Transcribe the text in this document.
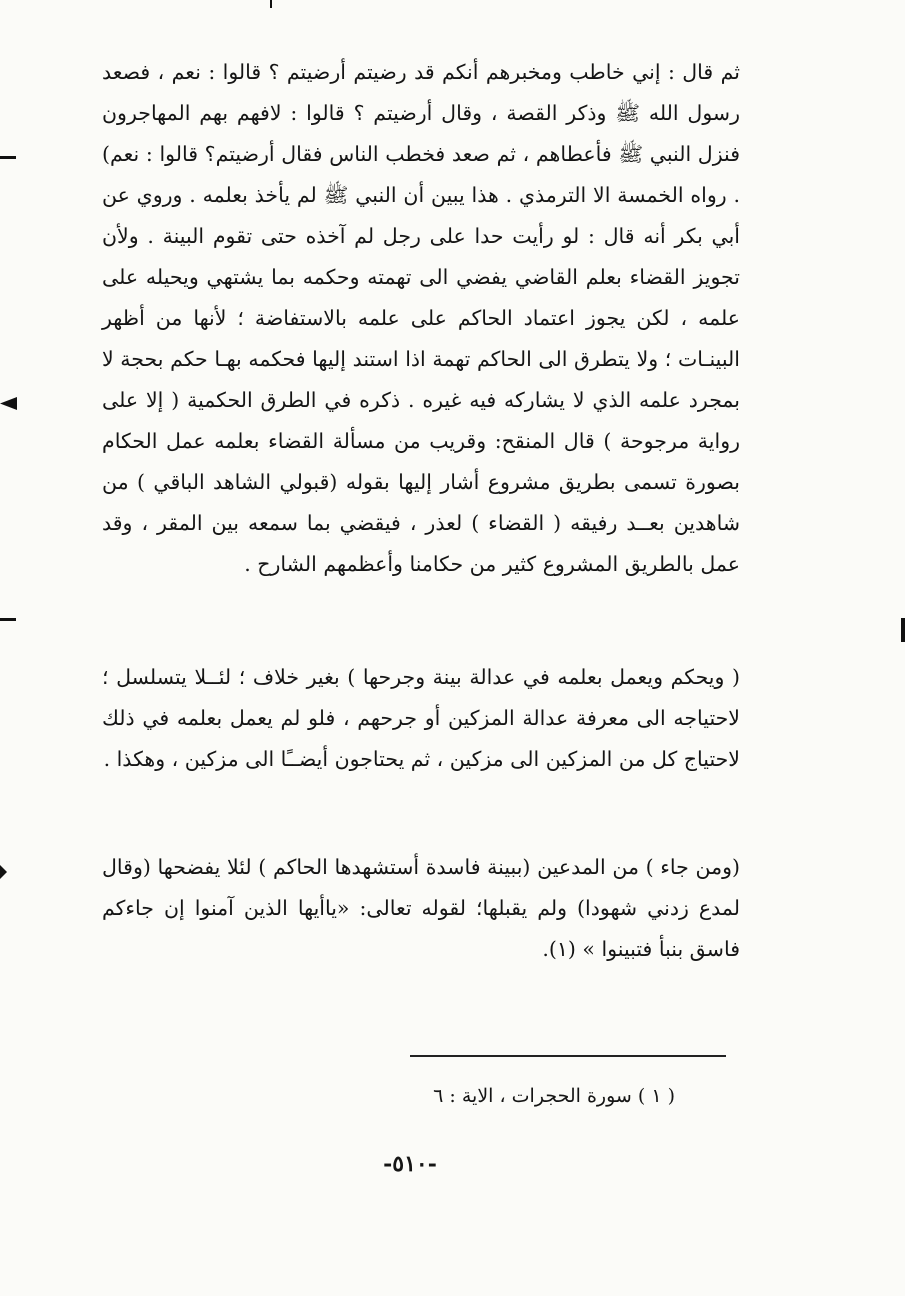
ثم قال : إني خاطب ومخبرهم أنكم قد رضيتم أرضيتم ؟ قالوا : نعم ، فصعد رسول الله ﷺ وذكر القصة ، وقال أرضيتم ؟ قالوا : لافهم بهم المهاجرون فنزل النبي ﷺ فأعطاهم ، ثم صعد فخطب الناس فقال أرضيتم؟ قالوا : نعم) . رواه الخمسة الا الترمذي . هذا يبين أن النبي ﷺ لم يأخذ بعلمه . وروي عن أبي بكر أنه قال : لو رأيت حدا على رجل لم آخذه حتى تقوم البينة . ولأن تجويز القضاء بعلم القاضي يفضي الى تهمته وحكمه بما يشتهي ويحيله على علمه ، لكن يجوز اعتماد الحاكم على علمه بالاستفاضة ؛ لأنها من أظهر البينـات ؛ ولا يتطرق الى الحاكم تهمة اذا استند إليها فحكمه بهـا حكم بحجة لا بمجرد علمه الذي لا يشاركه فيه غيره . ذكره في الطرق الحكمية ( إلا على رواية مرجوحة ) قال المنقح: وقريب من مسألة القضاء بعلمه عمل الحكام بصورة تسمى بطريق مشروع أشار إليها بقوله (قبولي الشاهد الباقي ) من شاهدين بعــد رفيقه ( القضاء ) لعذر ، فيقضي بما سمعه بين المقر ، وقد عمل بالطريق المشروع كثير من حكامنا وأعظمهم الشارح .

( ويحكم ويعمل بعلمه في عدالة بينة وجرحها ) بغير خلاف ؛ لئــلا يتسلسل ؛ لاحتياجه الى معرفة عدالة المزكين أو جرحهم ، فلو لم يعمل بعلمه في ذلك لاحتياج كل من المزكين الى مزكين ، ثم يحتاجون أيضــًا الى مزكين ، وهكذا .

(ومن جاء ) من المدعين (ببينة فاسدة أستشهدها الحاكم ) لئلا يفضحها (وقال لمدع زدني شهودا) ولم يقبلها؛ لقوله تعالى: «ياأيها الذين آمنوا إن جاءكم فاسق بنبأ فتبينوا » (١).

( ١ ) سورة الحجرات ، الاية : ٦

-٥١٠-
